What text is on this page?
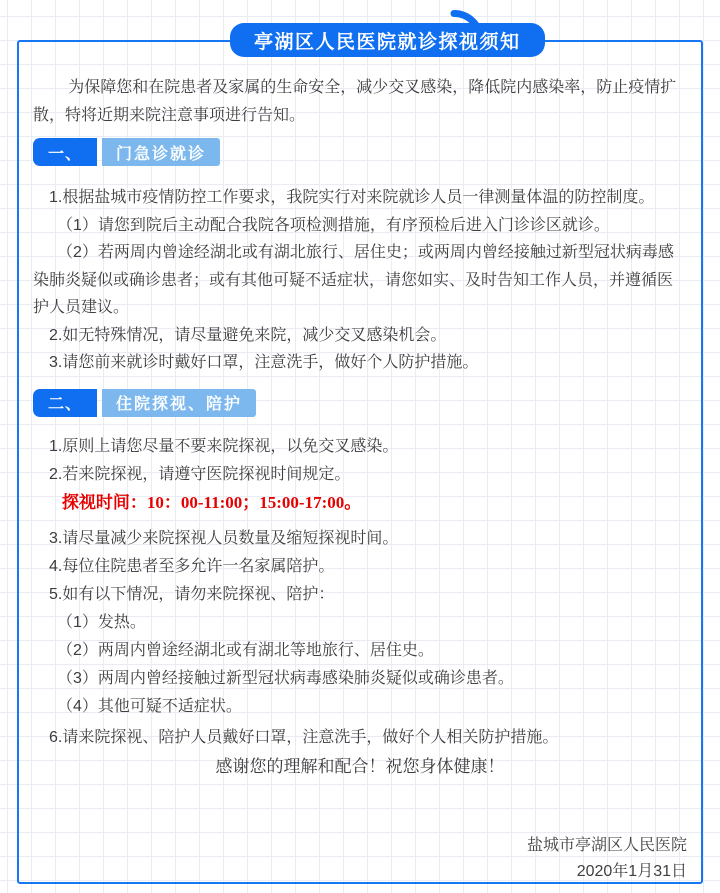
亭湖区人民医院就诊探视须知

为保障您和在院患者及家属的生命安全，减少交叉感染，降低院内感染率，防止疫情扩散，特将近期来院注意事项进行告知。

一、	门急诊就诊

1.根据盐城市疫情防控工作要求，我院实行对来院就诊人员一律测量体温的防控制度。

（1）请您到院后主动配合我院各项检测措施，有序预检后进入门诊诊区就诊。

（2）若两周内曾途经湖北或有湖北旅行、居住史；或两周内曾经接触过新型冠状病毒感染肺炎疑似或确诊患者；或有其他可疑不适症状，请您如实、及时告知工作人员，并遵循医护人员建议。

2.如无特殊情况，请尽量避免来院，减少交叉感染机会。

3.请您前来就诊时戴好口罩，注意洗手，做好个人防护措施。

二、	住院探视、陪护

1.原则上请您尽量不要来院探视，以免交叉感染。

2.若来院探视，请遵守医院探视时间规定。

探视时间：10：00-11:00；15:00-17:00。

3.请尽量减少来院探视人员数量及缩短探视时间。

4.每位住院患者至多允许一名家属陪护。

5.如有以下情况，请勿来院探视、陪护：

（1）发热。

（2）两周内曾途经湖北或有湖北等地旅行、居住史。

（3）两周内曾经接触过新型冠状病毒感染肺炎疑似或确诊患者。

（4）其他可疑不适症状。

6.请来院探视、陪护人员戴好口罩，注意洗手，做好个人相关防护措施。

感谢您的理解和配合！祝您身体健康！

盐城市亭湖区人民医院

2020年1月31日
